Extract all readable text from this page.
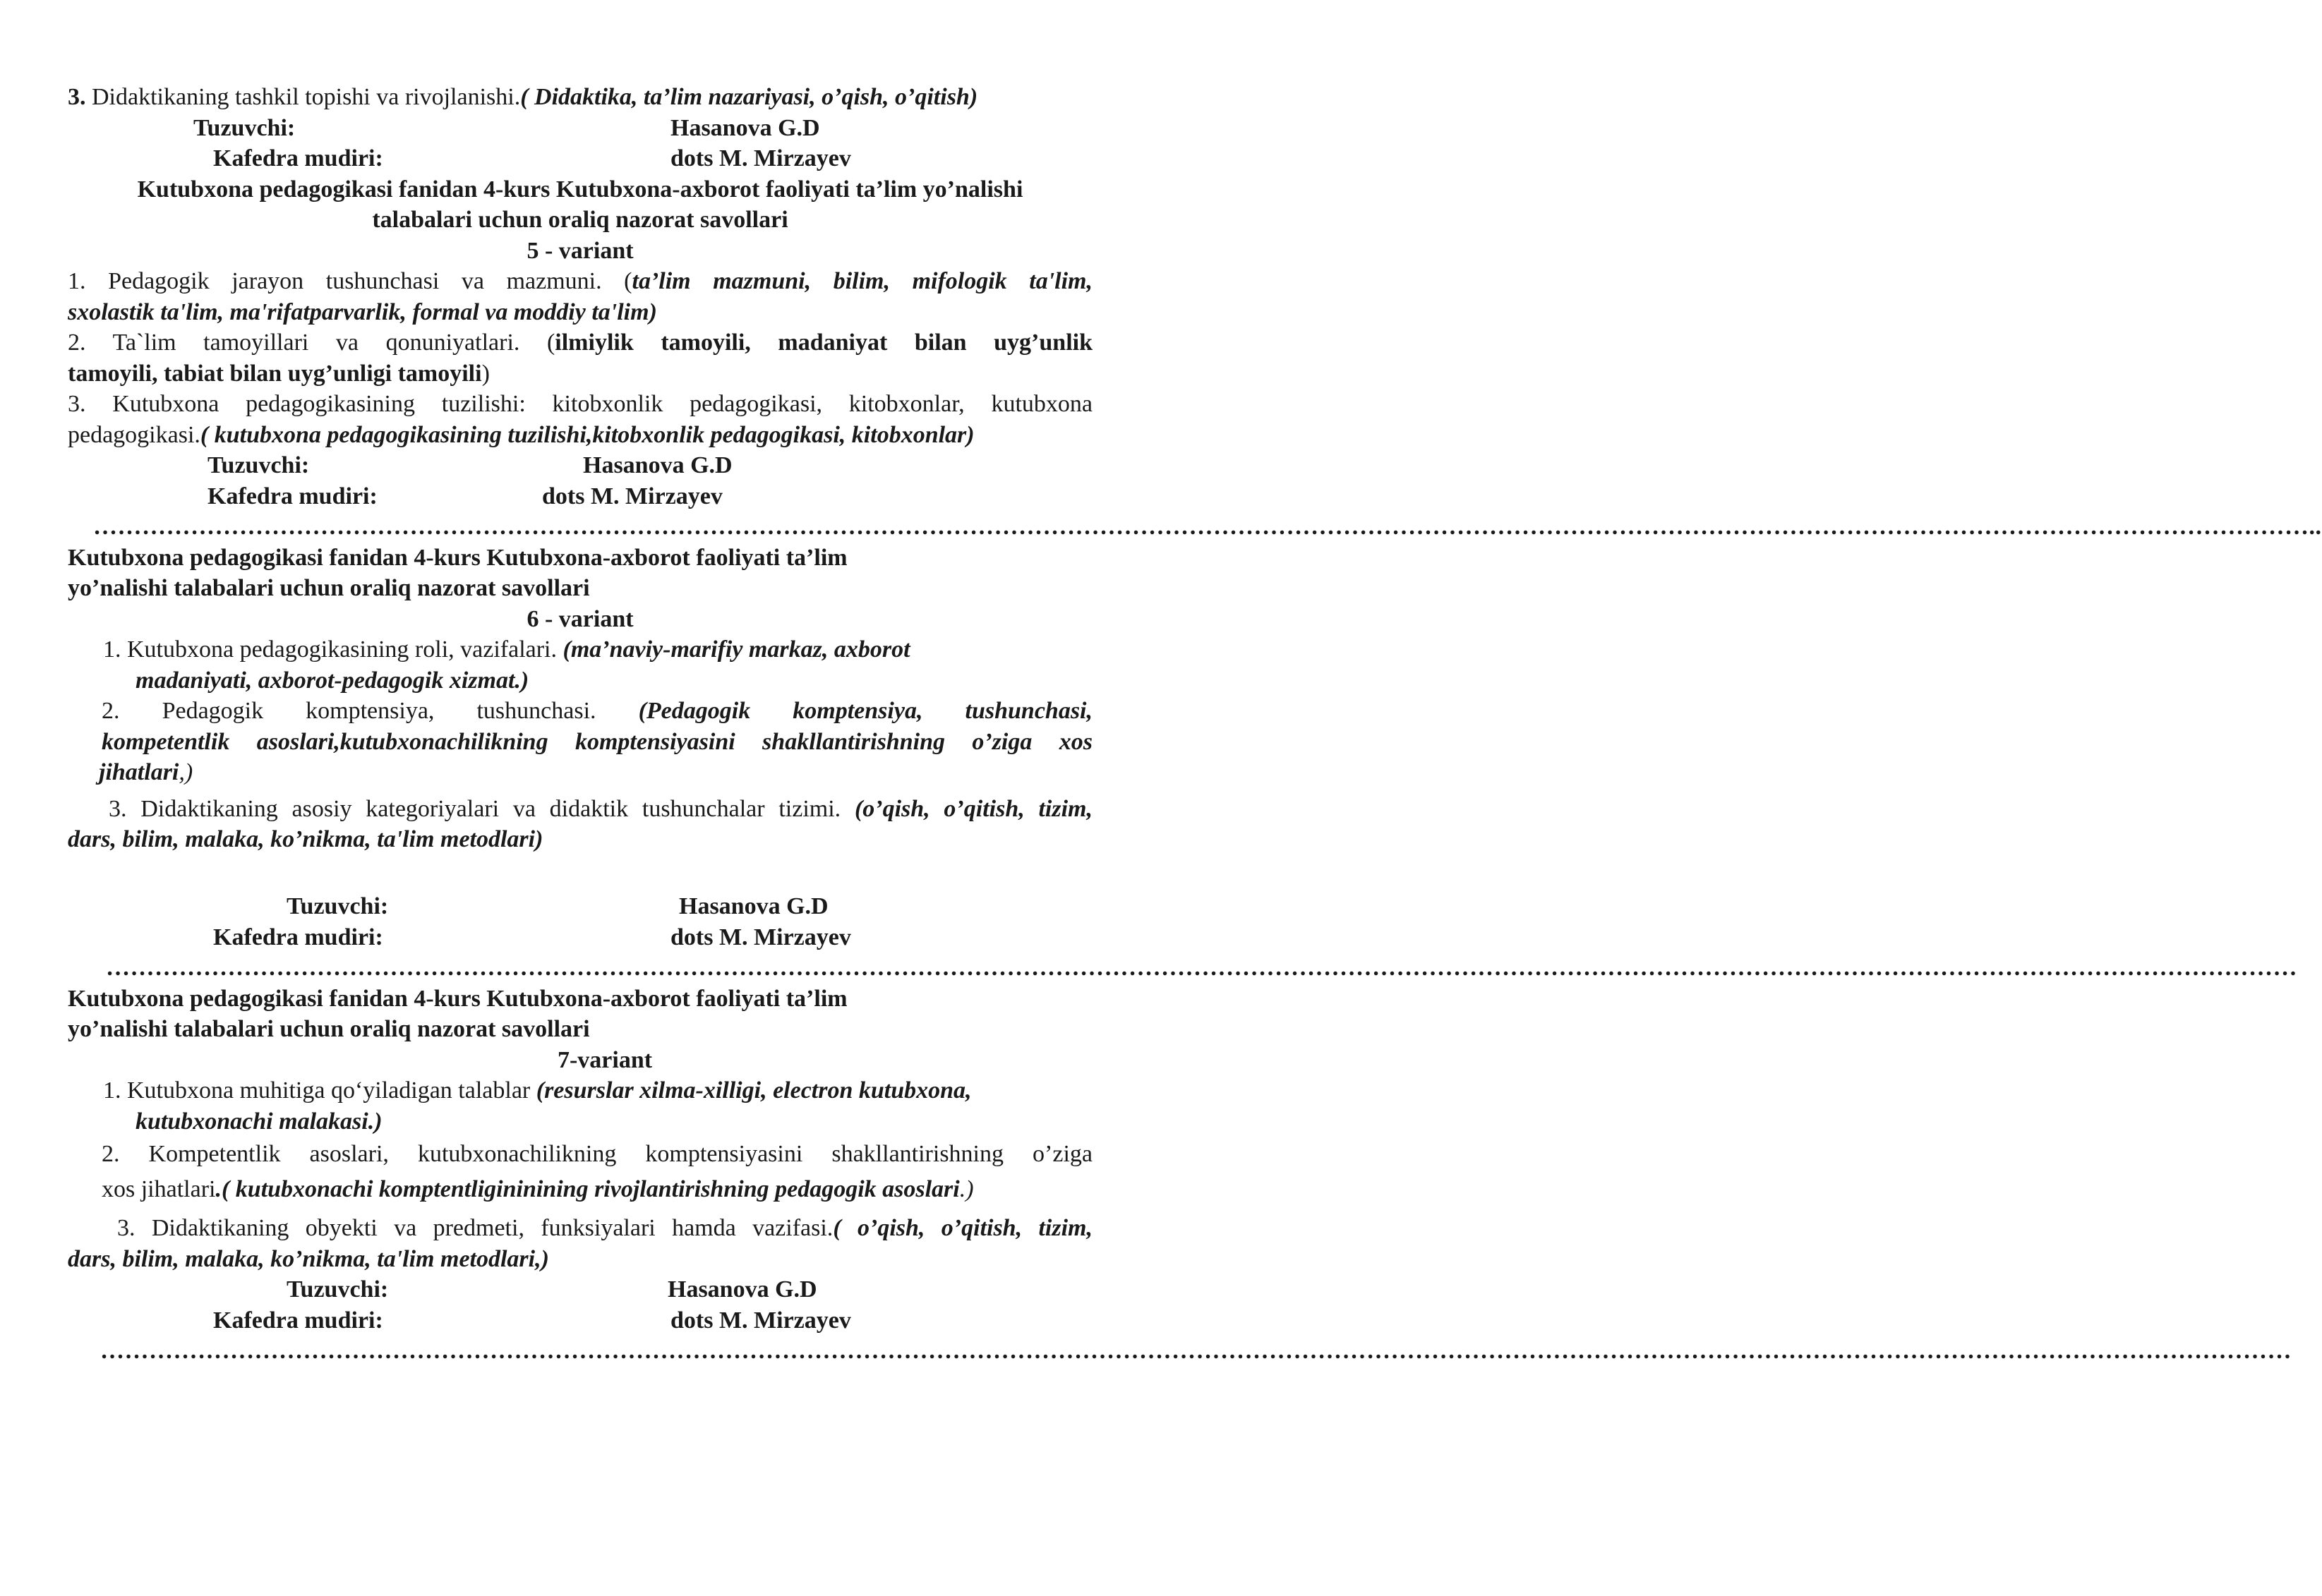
3. Didaktikaning tashkil topishi va rivojlanishi.( Didaktika, ta’lim nazariyasi, o’qish, o’qitish)
Tuzuvchi:	Hasanova G.D
Kafedra mudiri:	dots M. Mirzayev
Kutubxona pedagogikasi fanidan 4-kurs Kutubxona-axborot faoliyati ta’lim yo’nalishi
talabalari uchun oraliq nazorat savollari
5 - variant
1. Pedagogik jarayon tushunchasi va mazmuni. (ta’lim mazmuni, bilim, mifologik ta'lim,
sxolastik ta'lim, ma'rifatparvarlik, formal va moddiy ta'lim)
2. Ta`lim tamoyillari va qonuniyatlari. (ilmiylik tamoyili, madaniyat bilan uyg’unlik
tamoyili, tabiat bilan uyg’unligi tamoyili)
3. Kutubxona pedagogikasining tuzilishi: kitobxonlik pedagogikasi, kitobxonlar, kutubxona
pedagogikasi.( kutubxona pedagogikasining tuzilishi,kitobxonlik pedagogikasi, kitobxonlar)
Tuzuvchi:	Hasanova G.D
Kafedra mudiri:	dots M. Mirzayev
…………………………………………………………………………………………………………………………………………………………………………………………………………………………………………………..
Kutubxona pedagogikasi fanidan 4-kurs Kutubxona-axborot faoliyati ta’lim
yo’nalishi talabalari uchun oraliq nazorat savollari
6 - variant
1. Kutubxona pedagogikasining roli, vazifalari. (ma’naviy-marifiy markaz, axborot
madaniyati, axborot-pedagogik xizmat.)
2. Pedagogik komptensiya, tushunchasi. (Pedagogik komptensiya, tushunchasi,
kompetentlik asoslari,kutubxonachilikning komptensiyasini shakllantirishning o’ziga xos
jihatlari,)
3. Didaktikaning asosiy kategoriyalari va didaktik tushunchalar tizimi. (o’qish, o’qitish, tizim,
dars, bilim, malaka, ko’nikma, ta'lim metodlari)
Tuzuvchi:	Hasanova G.D
Kafedra mudiri:	dots M. Mirzayev
………………………………………………………………………………………………………………………………………………………………………………………………………………………………………………
Kutubxona pedagogikasi fanidan 4-kurs Kutubxona-axborot faoliyati ta’lim
yo’nalishi talabalari uchun oraliq nazorat savollari
7-variant
1. Kutubxona muhitiga qo‘yiladigan talablar (resurslar xilma-xilligi, electron kutubxona,
kutubxonachi malakasi.)
2. Kompetentlik asoslari, kutubxonachilikning komptensiyasini shakllantirishning o’ziga
xos jihatlari.( kutubxonachi komptentligininining rivojlantirishning pedagogik asoslari.)
3. Didaktikaning obyekti va predmeti, funksiyalari hamda vazifasi.( o’qish, o’qitish, tizim,
dars, bilim, malaka, ko’nikma, ta'lim metodlari,)
Tuzuvchi:	Hasanova G.D
Kafedra mudiri:	dots M. Mirzayev
………………………………………………………………………………………………………………………………………………………………………………………………………………………………………………
